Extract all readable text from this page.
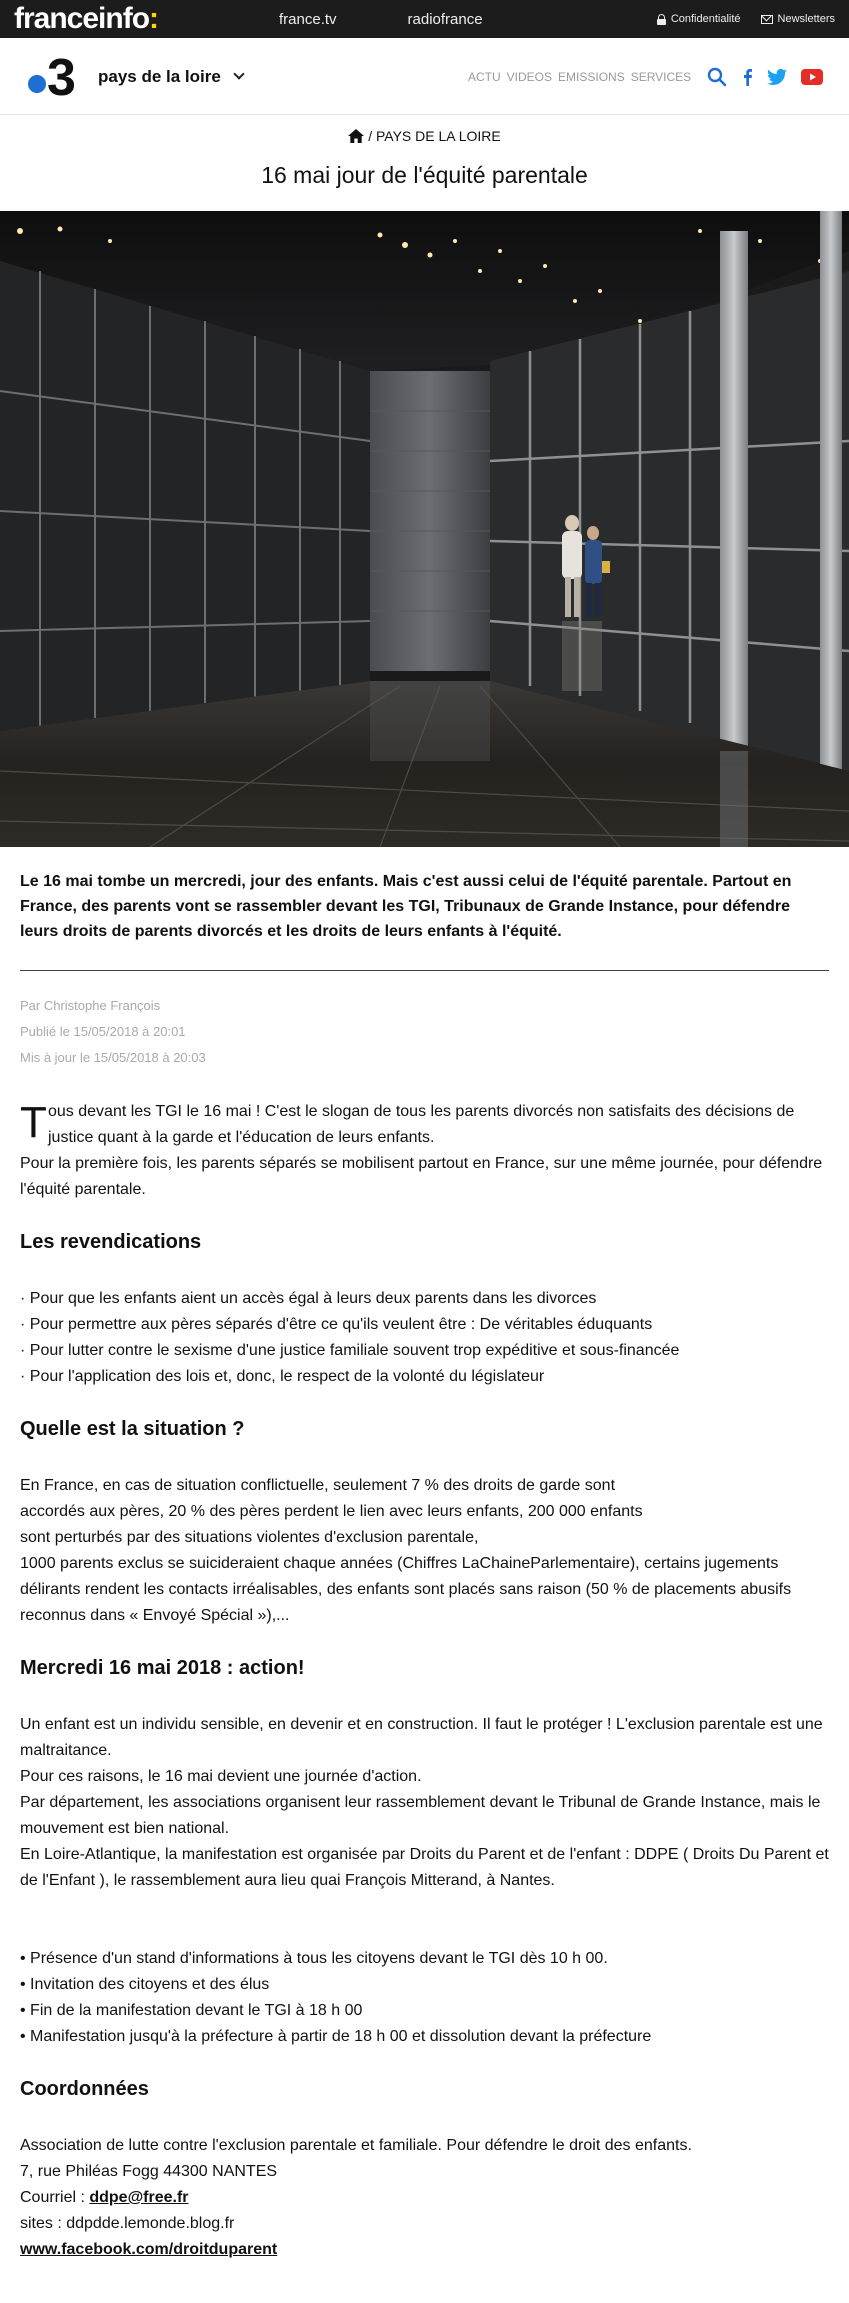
franceinfo:	france.tv	radiofrance	Confidentialité	Newsletters
3 pays de la loire	ACTU VIDEOS EMISSIONS SERVICES
/ PAYS DE LA LOIRE
16 mai jour de l'équité parentale

Le 16 mai tombe un mercredi, jour des enfants. Mais c'est aussi celui de l'équité parentale. Partout en France, des parents vont se rassembler devant les TGI, Tribunaux de Grande Instance, pour défendre leurs droits de parents divorcés et les droits de leurs enfants à l'équité.

Par Christophe François
Publié le 15/05/2018 à 20:01
Mis à jour le 15/05/2018 à 20:03

T ous devant les TGI le 16 mai ! C'est le slogan de tous les parents divorcés non satisfaits des décisions de justice quant à la garde et l'éducation de leurs enfants.

Pour la première fois, les parents séparés se mobilisent partout en France, sur une même journée, pour défendre l'équité parentale.

Les revendications
· Pour que les enfants aient un accès égal à leurs deux parents dans les divorces
· Pour permettre aux pères séparés d'être ce qu'ils veulent être : De véritables éduquants
· Pour lutter contre le sexisme d'une justice familiale souvent trop expéditive et sous-financée
· Pour l'application des lois et, donc, le respect de la volonté du législateur
Quelle est la situation ?
En France, en cas de situation conflictuelle, seulement 7 % des droits de garde sont
accordés aux pères, 20 % des pères perdent le lien avec leurs enfants, 200 000 enfants
sont perturbés par des situations violentes d'exclusion parentale,
1000 parents exclus se suicideraient chaque années (Chiffres LaChaineParlementaire), certains jugements délirants rendent les contacts irréalisables, des enfants sont placés sans raison (50 % de placements abusifs reconnus dans « Envoyé Spécial »),...
Mercredi 16 mai 2018 : action!
Un enfant est un individu sensible, en devenir et en construction. Il faut le protéger ! L'exclusion parentale est une maltraitance.
Pour ces raisons, le 16 mai devient une journée d'action.
Par département, les associations organisent leur rassemblement devant le Tribunal de Grande Instance, mais le mouvement est bien national.
En Loire-Atlantique, la manifestation est organisée par Droits du Parent et de l'enfant : DDPE ( Droits Du Parent et de l'Enfant ), le rassemblement aura lieu quai François Mitterand, à Nantes.
• Présence d'un stand d'informations à tous les citoyens devant le TGI dès 10 h 00.
• Invitation des citoyens et des élus
• Fin de la manifestation devant le TGI à 18 h 00
• Manifestation jusqu'à la préfecture à partir de 18 h 00 et dissolution devant la préfecture
Coordonnées
Association de lutte contre l'exclusion parentale et familiale. Pour défendre le droit des enfants.
7, rue Philéas Fogg 44300 NANTES
Courriel : ddpe@free.fr
sites : ddpdde.lemonde.blog.fr
www.facebook.com/droitduparent
